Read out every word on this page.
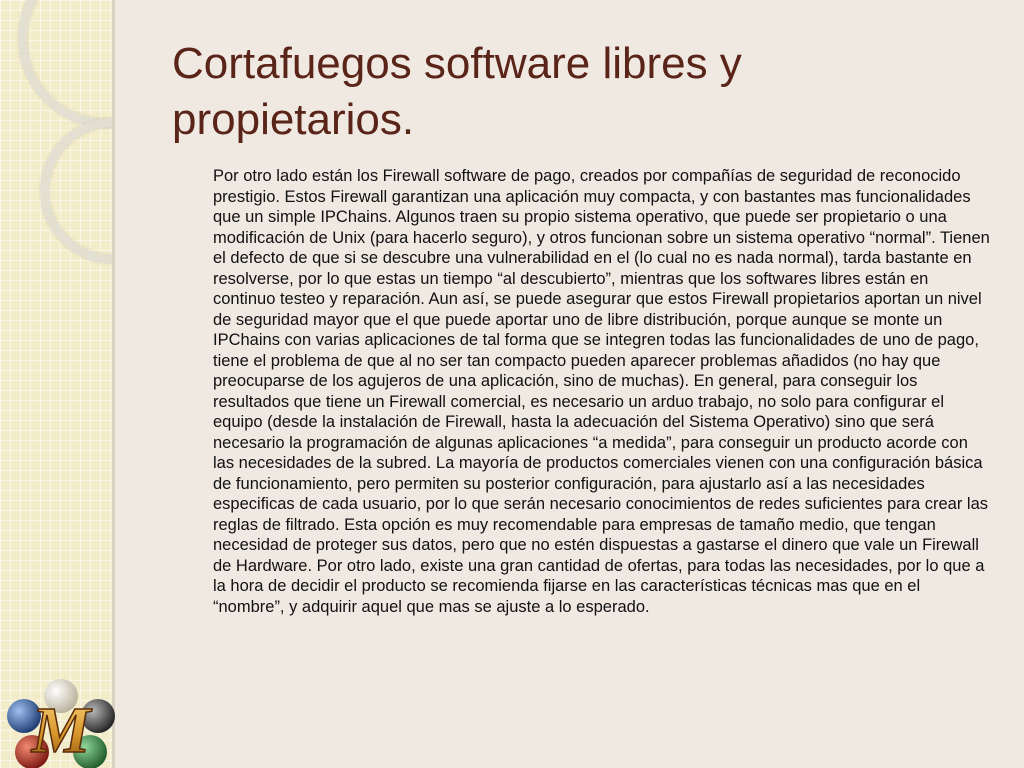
Cortafuegos software libres y propietarios.

Por otro lado están los Firewall software de pago, creados por compañías de seguridad de reconocido prestigio. Estos Firewall garantizan una aplicación muy compacta, y con bastantes mas funcionalidades que un simple IPChains. Algunos traen su propio sistema operativo, que puede ser propietario o una modificación de Unix (para hacerlo seguro), y otros funcionan sobre un sistema operativo “normal”. Tienen el defecto de que si se descubre una vulnerabilidad en el (lo cual no es nada normal), tarda bastante en resolverse, por lo que estas un tiempo “al descubierto”, mientras que los softwares libres están en continuo testeo y reparación. Aun así, se puede asegurar que estos Firewall propietarios aportan un nivel de seguridad mayor que el que puede aportar uno de libre distribución, porque aunque se monte un IPChains con varias aplicaciones de tal forma que se integren todas las funcionalidades de uno de pago, tiene el problema de que al no ser tan compacto pueden aparecer problemas añadidos (no hay que preocuparse de los agujeros de una aplicación, sino de muchas). En general, para conseguir los resultados que tiene un Firewall comercial, es necesario un arduo trabajo, no solo para configurar el equipo (desde la instalación de Firewall, hasta la adecuación del Sistema Operativo) sino que será necesario la programación de algunas aplicaciones “a medida”, para conseguir un producto acorde con las necesidades de la subred. La mayoría de productos comerciales vienen con una configuración básica de funcionamiento, pero permiten su posterior configuración, para ajustarlo así a las necesidades especificas de cada usuario, por lo que serán necesario conocimientos de redes suficientes para crear las reglas de filtrado. Esta opción es muy recomendable para empresas de tamaño medio, que tengan necesidad de proteger sus datos, pero que no estén dispuestas a gastarse el dinero que vale un Firewall de Hardware. Por otro lado, existe una gran cantidad de ofertas, para todas las necesidades, por lo que a la hora de decidir el producto se recomienda fijarse en las características técnicas mas que en el “nombre”, y adquirir aquel que mas se ajuste a lo esperado.

M
